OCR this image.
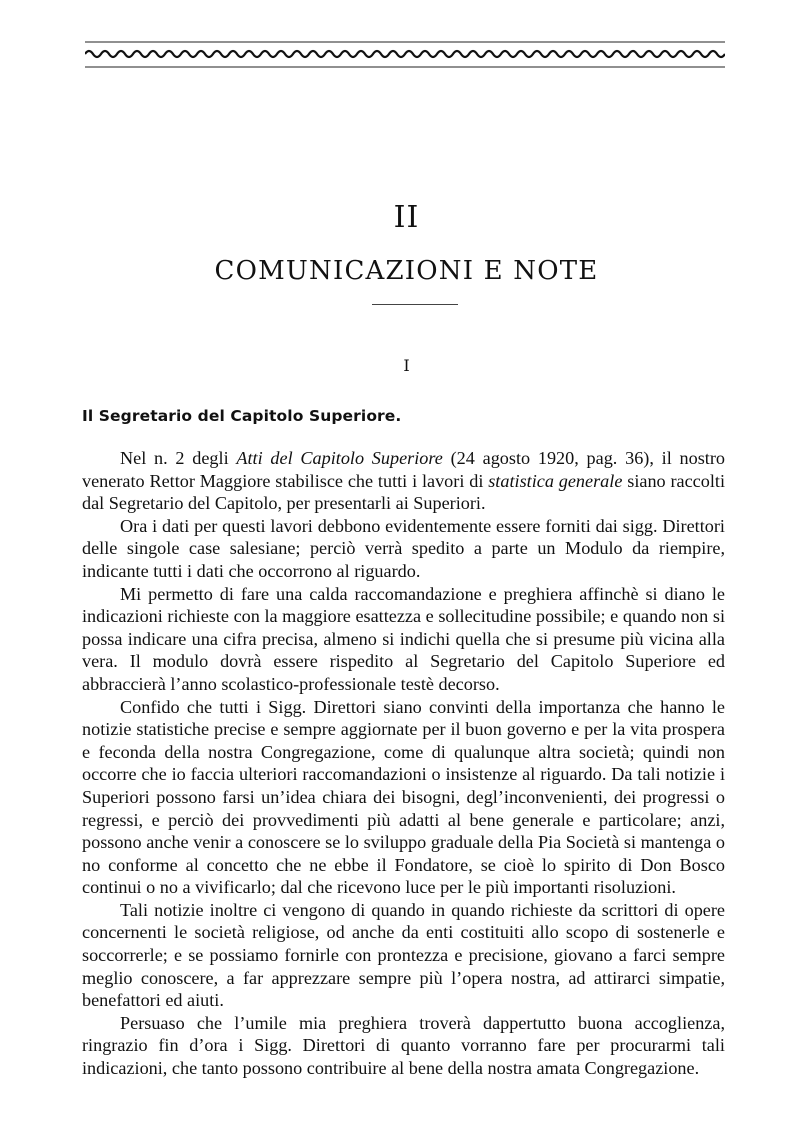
II
COMUNICAZIONI E NOTE
I
Il Segretario del Capitolo Superiore.

Nel n. 2 degli Atti del Capitolo Superiore (24 agosto 1920, pag. 36), il nostro venerato Rettor Maggiore stabilisce che tutti i lavori di statistica generale siano raccolti dal Segretario del Capitolo, per presentarli ai Superiori.

Ora i dati per questi lavori debbono evidentemente essere forniti dai sigg. Direttori delle singole case salesiane; perciò verrà spedito a parte un Modulo da riempire, indicante tutti i dati che occorrono al riguardo.

Mi permetto di fare una calda raccomandazione e preghiera affinchè si diano le indicazioni richieste con la maggiore esattezza e sollecitudine possibile; e quando non si possa indicare una cifra precisa, almeno si indichi quella che si presume più vicina alla vera. Il modulo dovrà essere rispedito al Segretario del Capitolo Superiore ed abbraccierà l’anno scolastico-professionale testè decorso.

Confido che tutti i Sigg. Direttori siano convinti della importanza che hanno le notizie statistiche precise e sempre aggiornate per il buon governo e per la vita prospera e feconda della nostra Congregazione, come di qualunque altra società; quindi non occorre che io faccia ulteriori raccomandazioni o insistenze al riguardo. Da tali notizie i Superiori possono farsi un’idea chiara dei bisogni, degl’inconvenienti, dei progressi o regressi, e perciò dei provvedimenti più adatti al bene generale e particolare; anzi, possono anche venir a conoscere se lo sviluppo graduale della Pia Società si mantenga o no conforme al concetto che ne ebbe il Fondatore, se cioè lo spirito di Don Bosco continui o no a vivificarlo; dal che ricevono luce per le più importanti risoluzioni.

Tali notizie inoltre ci vengono di quando in quando richieste da scrittori di opere concernenti le società religiose, od anche da enti costituiti allo scopo di sostenerle e soccorrerle; e se possiamo fornirle con prontezza e precisione, giovano a farci sempre meglio conoscere, a far apprezzare sempre più l’opera nostra, ad attirarci simpatie, benefattori ed aiuti.

Persuaso che l’umile mia preghiera troverà dappertutto buona accoglienza, ringrazio fin d’ora i Sigg. Direttori di quanto vorranno fare per procurarmi tali indicazioni, che tanto possono contribuire al bene della nostra amata Congregazione.
